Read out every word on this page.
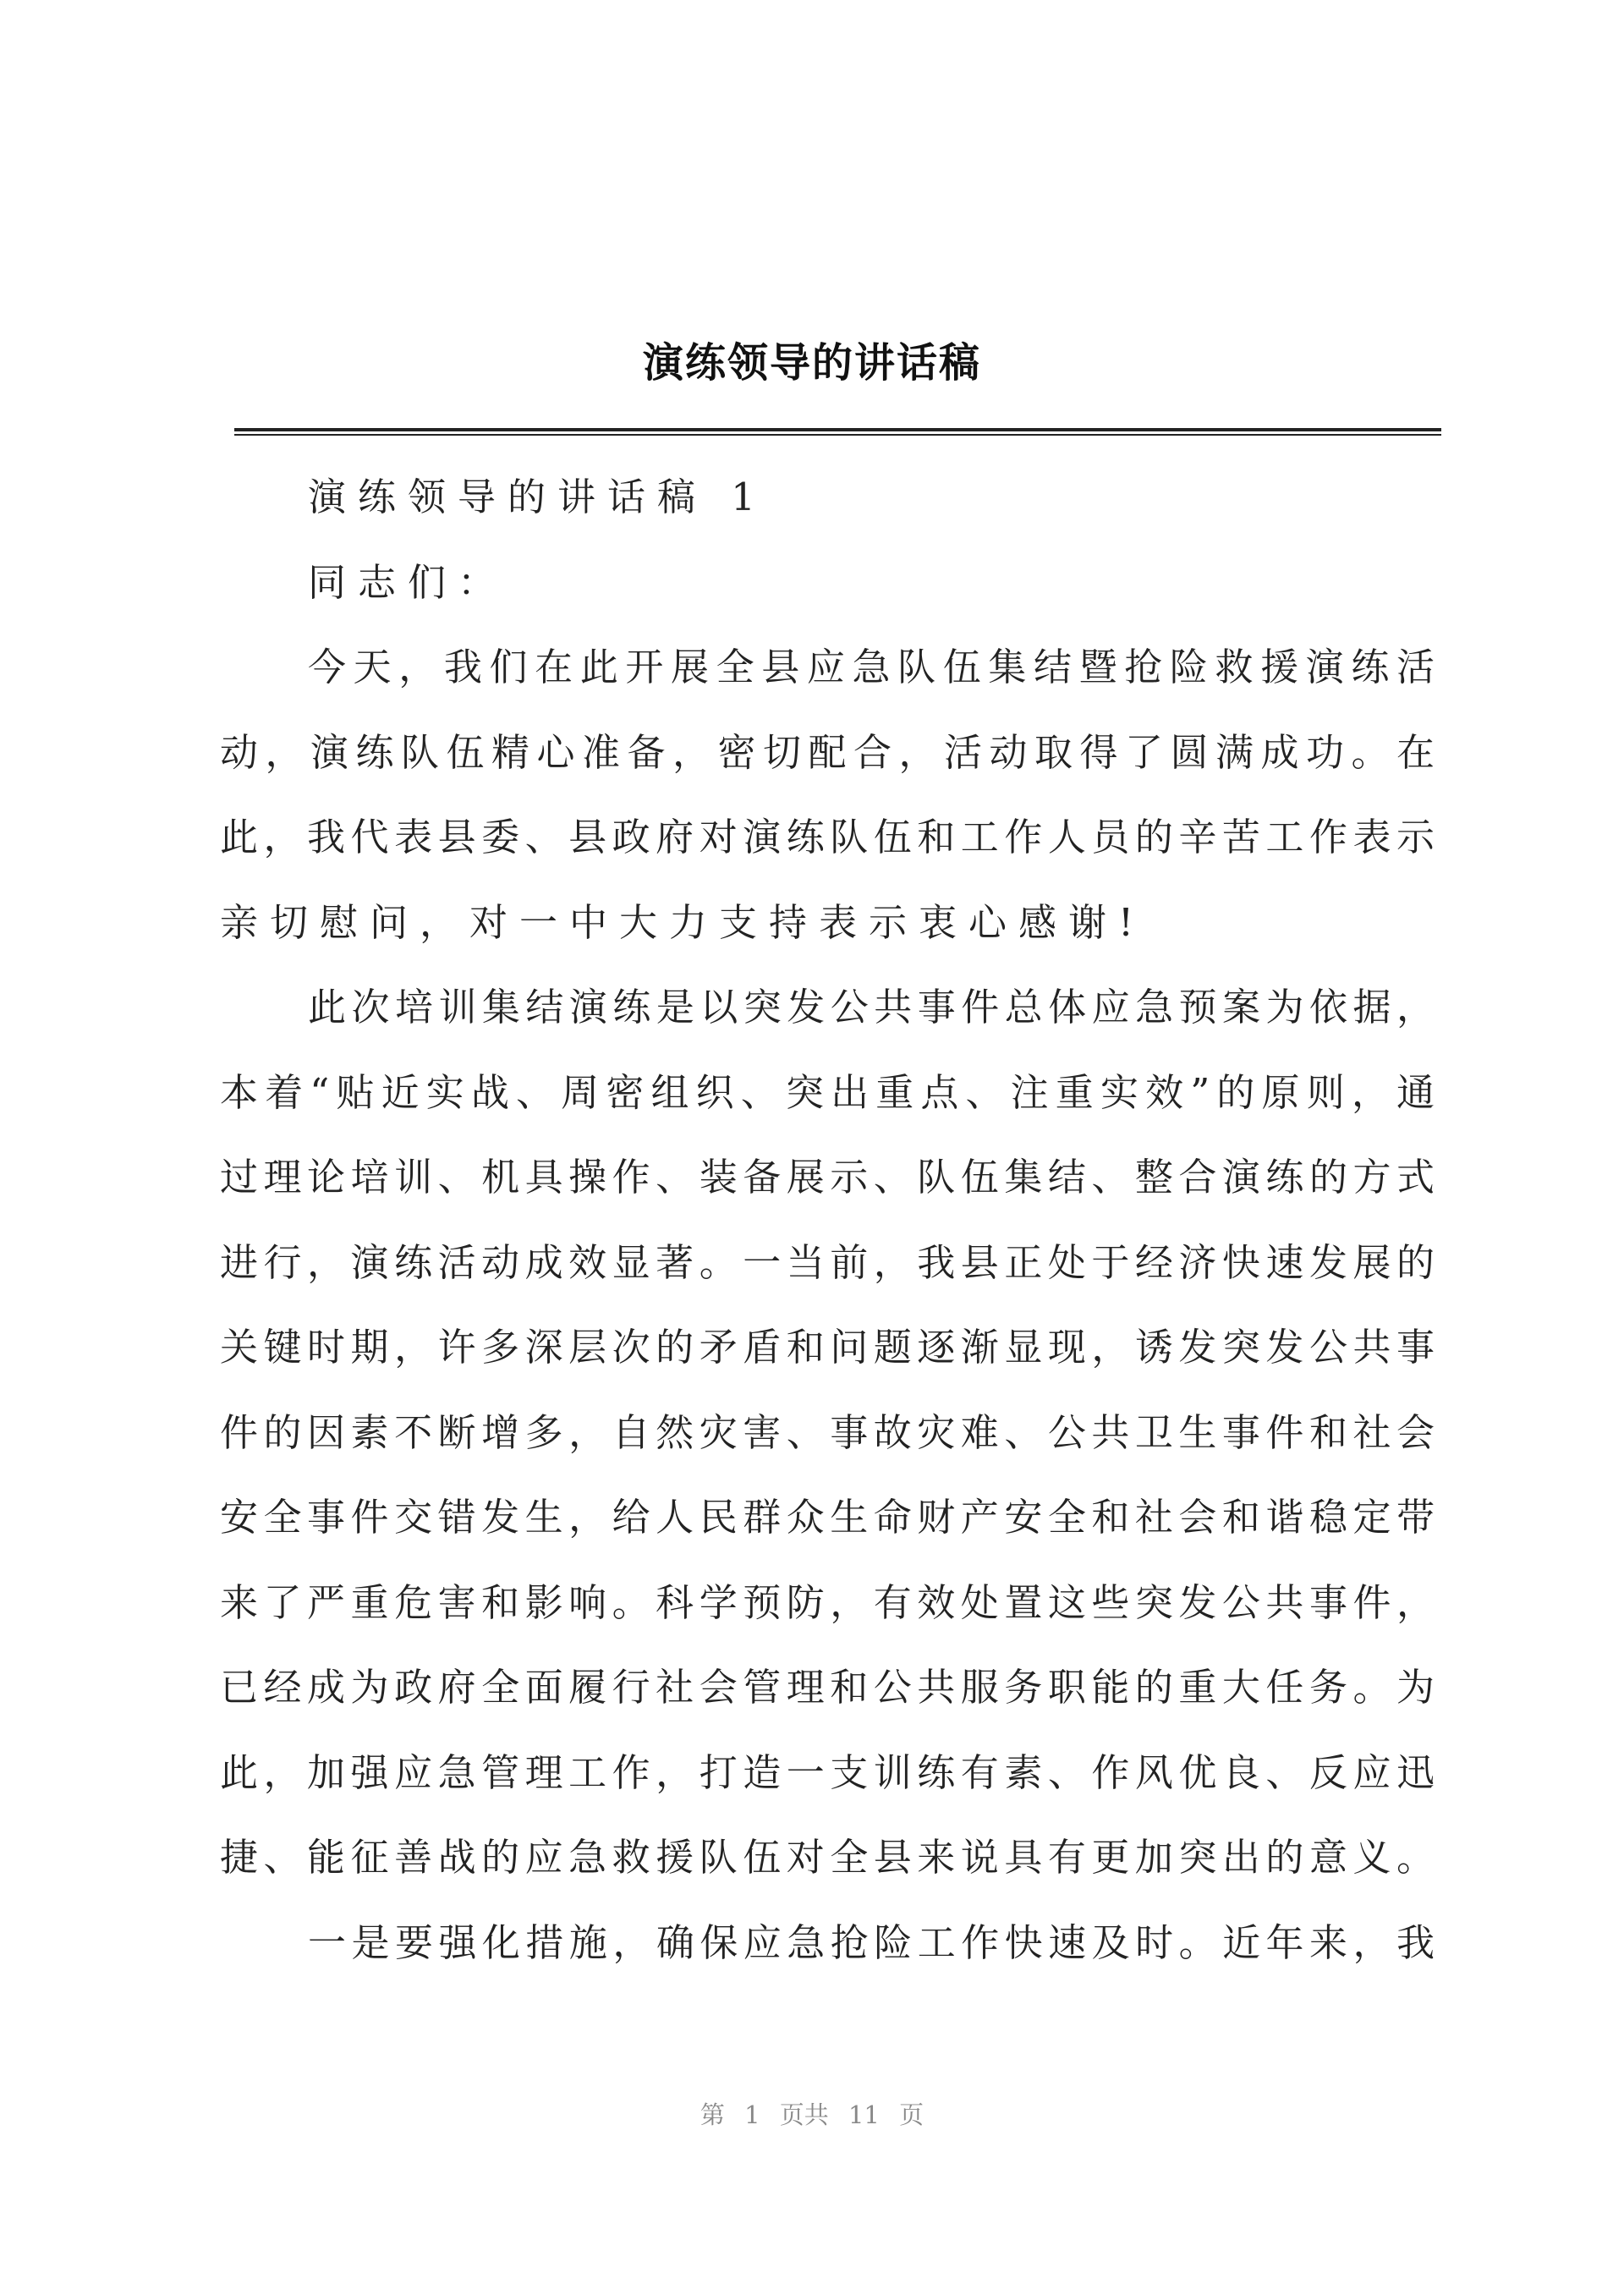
演练领导的讲话稿
演练领导的讲话稿 1
同志们：
今天，我们在此开展全县应急队伍集结暨抢险救援演练活
动，演练队伍精心准备，密切配合，活动取得了圆满成功。在
此，我代表县委、县政府对演练队伍和工作人员的辛苦工作表示
亲切慰问，对一中大力支持表示衷心感谢!
此次培训集结演练是以突发公共事件总体应急预案为依据，
本着“贴近实战、周密组织、突出重点、注重实效”的原则，通
过理论培训、机具操作、装备展示、队伍集结、整合演练的方式
进行，演练活动成效显著。一当前，我县正处于经济快速发展的
关键时期，许多深层次的矛盾和问题逐渐显现，诱发突发公共事
件的因素不断增多，自然灾害、事故灾难、公共卫生事件和社会
安全事件交错发生，给人民群众生命财产安全和社会和谐稳定带
来了严重危害和影响。科学预防，有效处置这些突发公共事件，
已经成为政府全面履行社会管理和公共服务职能的重大任务。为
此，加强应急管理工作，打造一支训练有素、作风优良、反应迅
捷、能征善战的应急救援队伍对全县来说具有更加突出的意义。
一是要强化措施，确保应急抢险工作快速及时。近年来，我
第 1 页共 11 页
